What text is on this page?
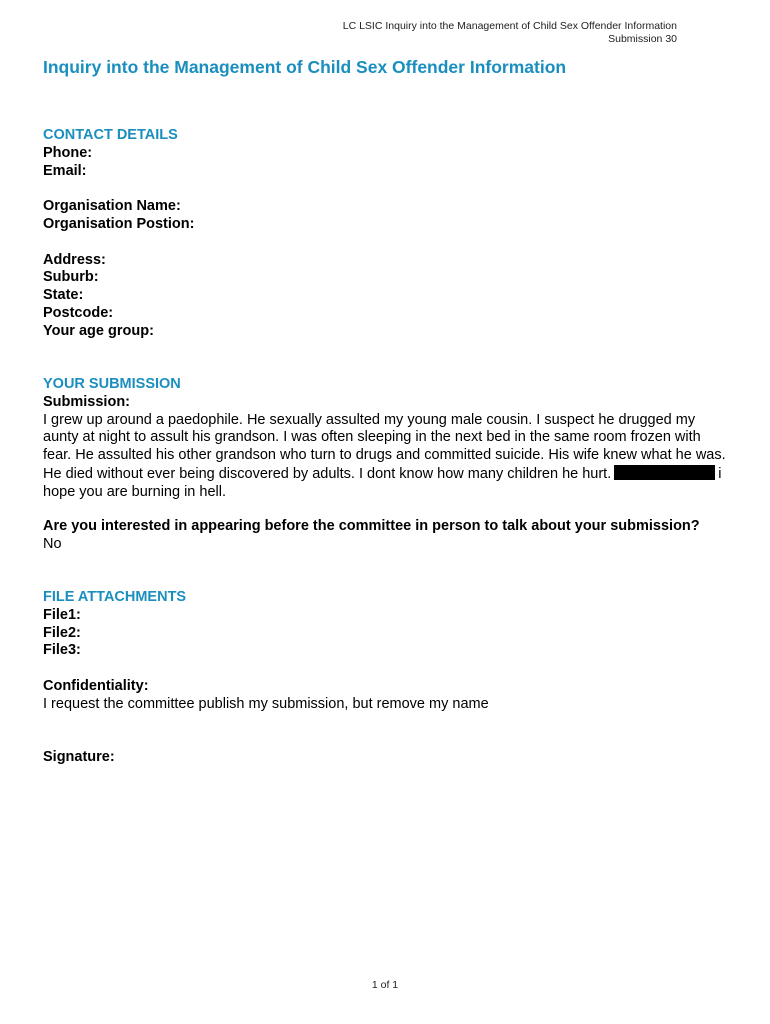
LC LSIC Inquiry into the Management of Child Sex Offender Information
Submission 30
Inquiry into the Management of Child Sex Offender Information
CONTACT DETAILS
Phone:
Email:
Organisation Name:
Organisation Postion:
Address:
Suburb:
State:
Postcode:
Your age group:
YOUR SUBMISSION
Submission:
I grew up around a paedophile. He sexually assulted my young male cousin. I suspect he drugged my aunty at night to assult his grandson. I was often sleeping in the next bed in the same room frozen with fear. He assulted his other grandson who turn to drugs and committed suicide. His wife knew what he was. He died without ever being discovered by adults. I dont know how many children he hurt.	i hope you are burning in hell.
Are you interested in appearing before the committee in person to talk about your submission?
No
FILE ATTACHMENTS
File1:
File2:
File3:
Confidentiality:
I request the committee publish my submission, but remove my name
Signature:
1 of 1
